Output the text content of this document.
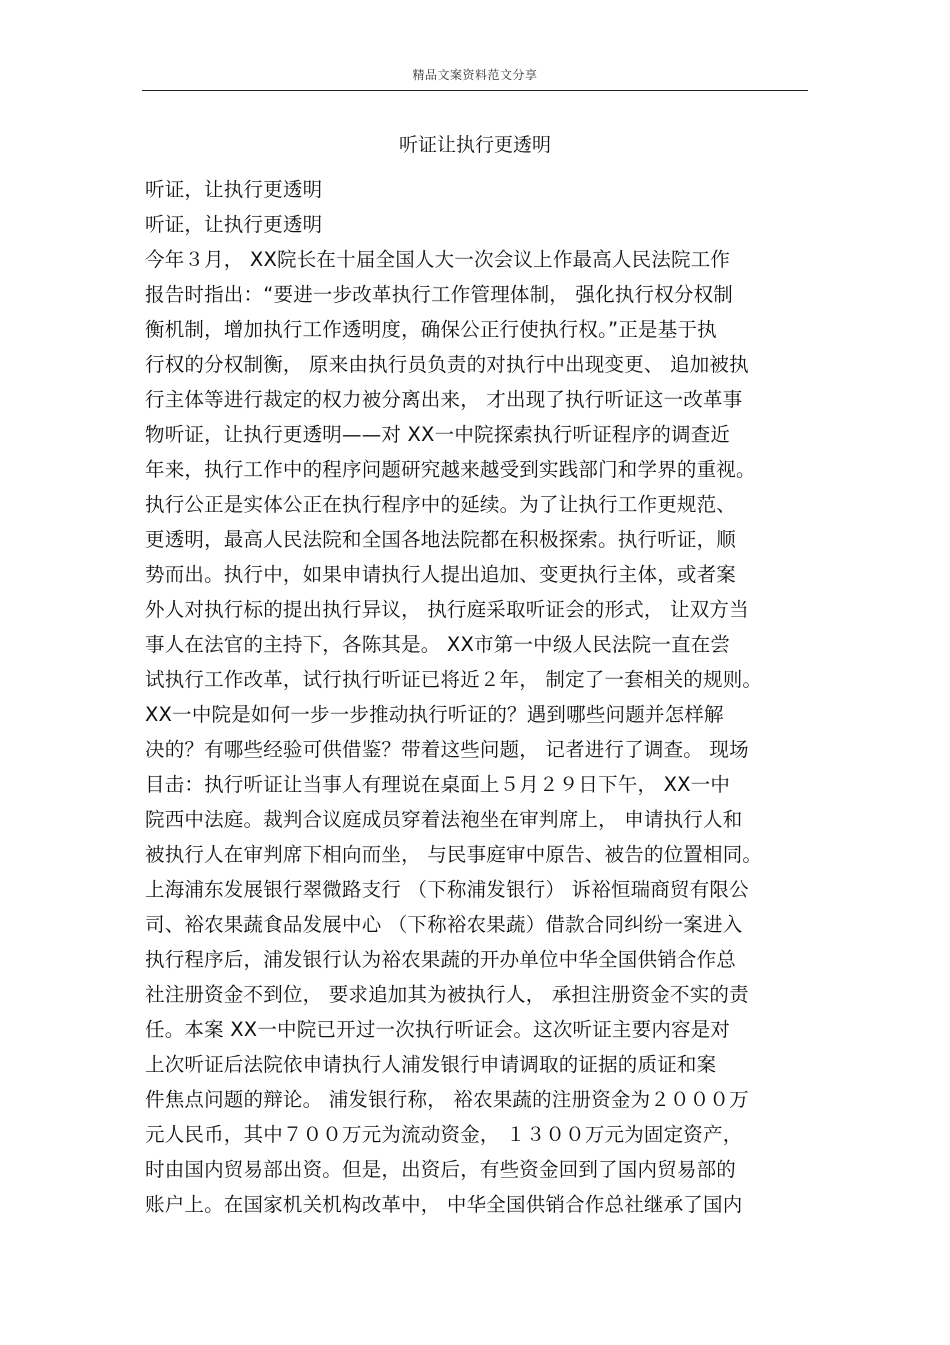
精品文案资料范文分享
听证让执行更透明
听证，让执行更透明
听证，让执行更透明
今年３月， XX院长在十届全国人大一次会议上作最高人民法院工作
报告时指出：“要进一步改革执行工作管理体制， 强化执行权分权制
衡机制，增加执行工作透明度，确保公正行使执行权。”正是基于执
行权的分权制衡， 原来由执行员负责的对执行中出现变更、 追加被执
行主体等进行裁定的权力被分离出来， 才出现了执行听证这一改革事
物听证，让执行更透明——对 XX一中院探索执行听证程序的调查近
年来，执行工作中的程序问题研究越来越受到实践部门和学界的重视。
执行公正是实体公正在执行程序中的延续。为了让执行工作更规范、
更透明，最高人民法院和全国各地法院都在积极探索。执行听证，顺
势而出。执行中，如果申请执行人提出追加、变更执行主体，或者案
外人对执行标的提出执行异议， 执行庭采取听证会的形式， 让双方当
事人在法官的主持下，各陈其是。 XX市第一中级人民法院一直在尝
试执行工作改革，试行执行听证已将近２年， 制定了一套相关的规则。
XX一中院是如何一步一步推动执行听证的？遇到哪些问题并怎样解
决的？有哪些经验可供借鉴？带着这些问题， 记者进行了调查。 现场
目击：执行听证让当事人有理说在桌面上５月２９日下午， XX一中
院西中法庭。裁判合议庭成员穿着法袍坐在审判席上， 申请执行人和
被执行人在审判席下相向而坐， 与民事庭审中原告、被告的位置相同。
上海浦东发展银行翠微路支行 （下称浦发银行） 诉裕恒瑞商贸有限公
司、裕农果蔬食品发展中心 （下称裕农果蔬）借款合同纠纷一案进入
执行程序后，浦发银行认为裕农果蔬的开办单位中华全国供销合作总
社注册资金不到位， 要求追加其为被执行人， 承担注册资金不实的责
任。本案 XX一中院已开过一次执行听证会。这次听证主要内容是对
上次听证后法院依申请执行人浦发银行申请调取的证据的质证和案
件焦点问题的辩论。 浦发银行称， 裕农果蔬的注册资金为２０００万
元人民币，其中７００万元为流动资金， １３００万元为固定资产，
时由国内贸易部出资。但是，出资后，有些资金回到了国内贸易部的
账户上。在国家机关机构改革中， 中华全国供销合作总社继承了国内
